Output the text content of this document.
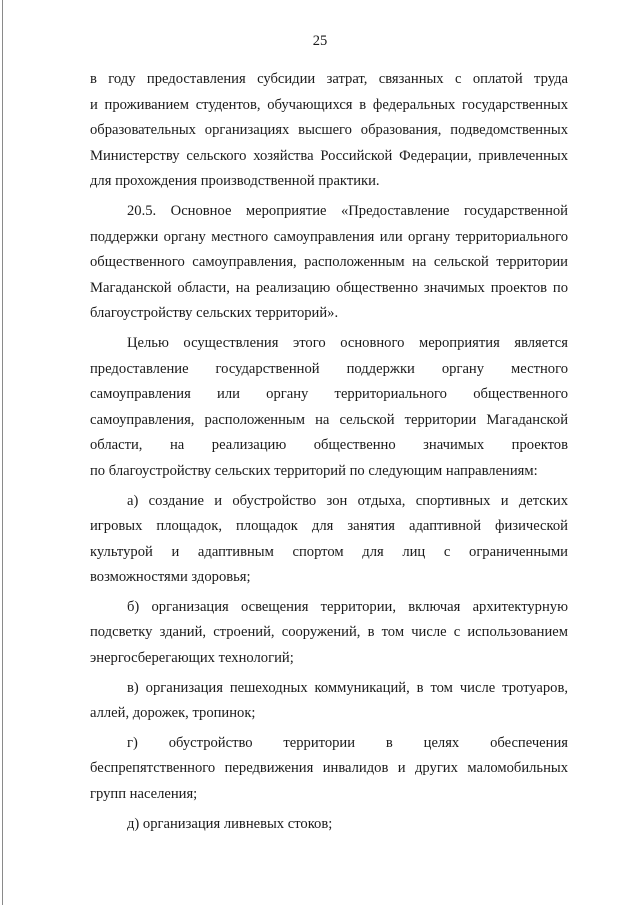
25

в году предоставления субсидии затрат, связанных с оплатой труда
и проживанием студентов, обучающихся в федеральных государственных
образовательных организациях высшего образования, подведомственных
Министерству сельского хозяйства Российской Федерации, привлеченных
для прохождения производственной практики.

20.5. Основное мероприятие «Предоставление государственной
поддержки органу местного самоуправления или органу территориального
общественного самоуправления, расположенным на сельской территории
Магаданской области, на реализацию общественно значимых проектов по
благоустройству сельских территорий».

Целью осуществления этого основного мероприятия является
предоставление государственной поддержки органу местного
самоуправления или органу территориального общественного
самоуправления, расположенным на сельской территории Магаданской
области, на реализацию общественно значимых проектов
по благоустройству сельских территорий по следующим направлениям:

а) создание и обустройство зон отдыха, спортивных и детских
игровых площадок, площадок для занятия адаптивной физической
культурой и адаптивным спортом для лиц с ограниченными
возможностями здоровья;

б) организация освещения территории, включая архитектурную
подсветку зданий, строений, сооружений, в том числе с использованием
энергосберегающих технологий;

в) организация пешеходных коммуникаций, в том числе тротуаров,
аллей, дорожек, тропинок;

г) обустройство территории в целях обеспечения
беспрепятственного передвижения инвалидов и других маломобильных
групп населения;

д) организация ливневых стоков;
